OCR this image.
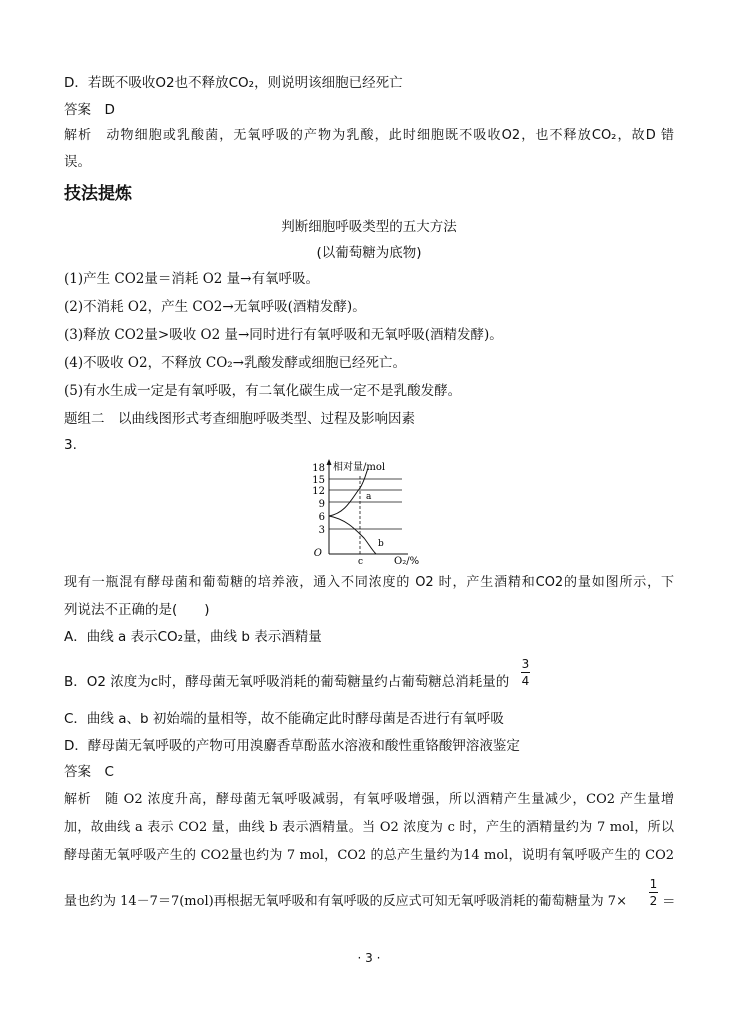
D．若既不吸收O2也不释放CO₂，则说明该细胞已经死亡
答案　D
解析　动物细胞或乳酸菌，无氧呼吸的产物为乳酸，此时细胞既不吸收O2，也不释放CO₂，故D 错
误。
技法提炼
判断细胞呼吸类型的五大方法
(以葡萄糖为底物)
(1)产生 CO2量＝消耗 O2 量→有氧呼吸。
(2)不消耗 O2，产生 CO2→无氧呼吸(酒精发酵)。
(3)释放 CO2量>吸收 O2 量→同时进行有氧呼吸和无氧呼吸(酒精发酵)。
(4)不吸收 O2，不释放 CO₂→乳酸发酵或细胞已经死亡。
(5)有水生成一定是有氧呼吸，有二氧化碳生成一定不是乳酸发酵。
题组二　以曲线图形式考查细胞呼吸类型、过程及影响因素
3.
18
15
12
9
6
3
O
相对量/mol
O₂/%
c
a
b
现有一瓶混有酵母菌和葡萄糖的培养液，通入不同浓度的 O2 时，产生酒精和CO2的量如图所示，下
列说法不正确的是(　　)
A．曲线 a 表示CO₂量，曲线 b 表示酒精量
B．O2 浓度为c时，酵母菌无氧呼吸消耗的葡萄糖量约占葡萄糖总消耗量的
3
4
C．曲线 a、b 初始端的量相等，故不能确定此时酵母菌是否进行有氧呼吸
D．酵母菌无氧呼吸的产物可用溴麝香草酚蓝水溶液和酸性重铬酸钾溶液鉴定
答案　C
解析　随 O2 浓度升高，酵母菌无氧呼吸减弱，有氧呼吸增强，所以酒精产生量减少，CO2 产生量增
加，故曲线 a 表示 CO2 量，曲线 b 表示酒精量。当 O2 浓度为 c 时，产生的酒精量约为 7 mol，所以
酵母菌无氧呼吸产生的 CO2量也约为 7 mol，CO2 的总产生量约为14 mol，说明有氧呼吸产生的 CO2
量也约为 14－7＝7(mol)再根据无氧呼吸和有氧呼吸的反应式可知无氧呼吸消耗的葡萄糖量为 7×
1
2 ＝
· 3 ·
